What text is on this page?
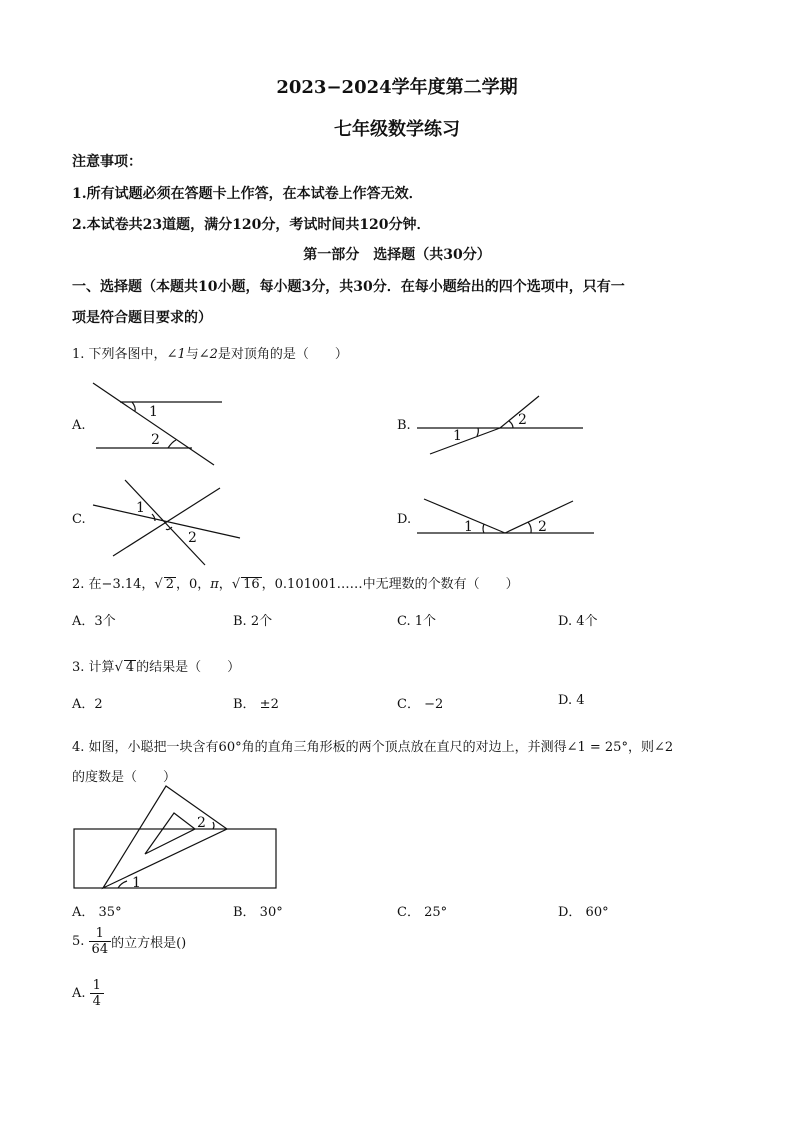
2023−2024学年度第二学期
七年级数学练习
注意事项：
1.所有试题必须在答题卡上作答，在本试卷上作答无效．
2.本试卷共23道题，满分120分，考试时间共120分钟．
第一部分　选择题（共30分）
一、选择题（本题共10小题，每小题3分，共30分．在每小题给出的四个选项中，只有一
项是符合题目要求的）
1. 下列各图中，∠1与∠2是对顶角的是（　　）
A.	B.
C.	D.
1
2	1
2
1
2
1	2
1
2
2. 在−3.14，√ 2 ，0，π，√ 16 ，0.101001……中无理数的个数有（　　）
A．3个	B. 2个	C. 1个	D. 4个
3. 计算√ 4 的结果是（　　）
A．2	B． ±2	C． −2	D. 4
4. 如图，小聪把一块含有60°角的直角三角形板的两个顶点放在直尺的对边上，并测得∠1 = 25°，则∠2
的度数是（　　）
A． 35°	B． 30°	C． 25°	D． 60°
5. $\frac{1}{64}$ 的立方根是()
A. $\frac{1}{4}$
